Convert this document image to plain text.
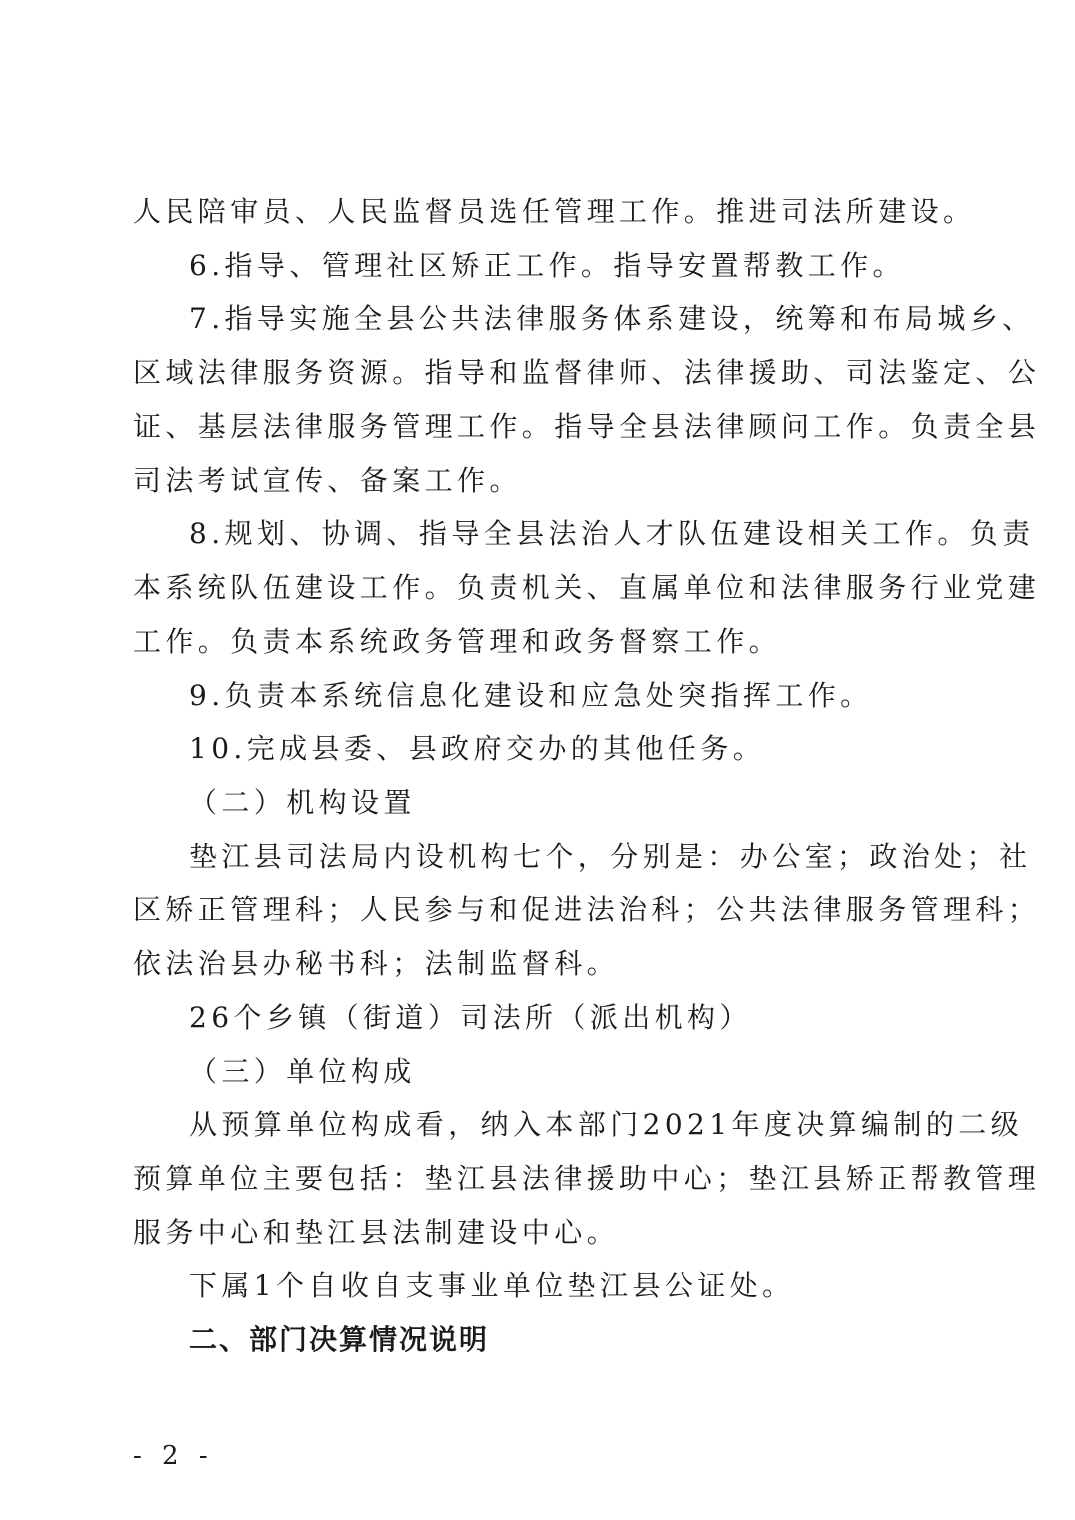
人民陪审员、人民监督员选任管理工作。推进司法所建设。
6.指导、管理社区矫正工作。指导安置帮教工作。
7.指导实施全县公共法律服务体系建设，统筹和布局城乡、
区域法律服务资源。指导和监督律师、法律援助、司法鉴定、公
证、基层法律服务管理工作。指导全县法律顾问工作。负责全县
司法考试宣传、备案工作。
8.规划、协调、指导全县法治人才队伍建设相关工作。负责
本系统队伍建设工作。负责机关、直属单位和法律服务行业党建
工作。负责本系统政务管理和政务督察工作。
9.负责本系统信息化建设和应急处突指挥工作。
10.完成县委、县政府交办的其他任务。
（二）机构设置
垫江县司法局内设机构七个，分别是：办公室；政治处；社
区矫正管理科；人民参与和促进法治科；公共法律服务管理科；
依法治县办秘书科；法制监督科。
26个乡镇（街道）司法所（派出机构）
（三）单位构成
从预算单位构成看，纳入本部门2021年度决算编制的二级
预算单位主要包括：垫江县法律援助中心；垫江县矫正帮教管理
服务中心和垫江县法制建设中心。
下属1个自收自支事业单位垫江县公证处。
二、部门决算情况说明
- 2 -
